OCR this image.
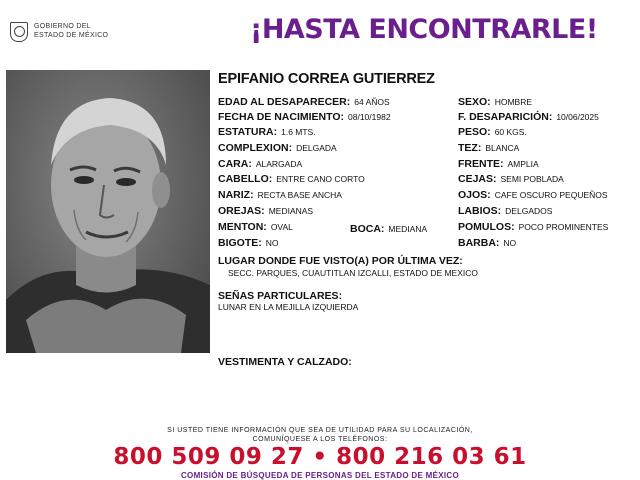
GOBIERNO DEL
ESTADO DE MÉXICO	¡HASTA ENCONTRARLE!
EPIFANIO CORREA GUTIERREZ
EDAD AL DESAPARECER: 64 AÑOS
FECHA DE NACIMIENTO: 08/10/1982
ESTATURA: 1.6 MTS.
COMPLEXION: DELGADA
CARA: ALARGADA
CABELLO: ENTRE CANO CORTO
NARIZ: RECTA BASE ANCHA
OREJAS: MEDIANAS
MENTON: OVAL
BIGOTE: NO
BOCA: MEDIANA
SEXO: HOMBRE
F. DESAPARICIÓN: 10/06/2025
PESO: 60 KGS.
TEZ: BLANCA
FRENTE: AMPLIA
CEJAS: SEMI POBLADA
OJOS: CAFE OSCURO PEQUEÑOS
LABIOS: DELGADOS
POMULOS: POCO PROMINENTES
BARBA: NO
LUGAR DONDE FUE VISTO(A) POR ÚLTIMA VEZ:
SECC. PARQUES, CUAUTITLAN IZCALLI, ESTADO DE MEXICO
SEÑAS PARTICULARES:
LUNAR EN LA MEJILLA IZQUIERDA
VESTIMENTA Y CALZADO:
SI USTED TIENE INFORMACIÓN QUE SEA DE UTILIDAD PARA SU LOCALIZACIÓN,
COMUNÍQUESE A LOS TELÉFONOS:
800 509 09 27 • 800 216 03 61
COMISIÓN DE BÚSQUEDA DE PERSONAS DEL ESTADO DE MÉXICO
